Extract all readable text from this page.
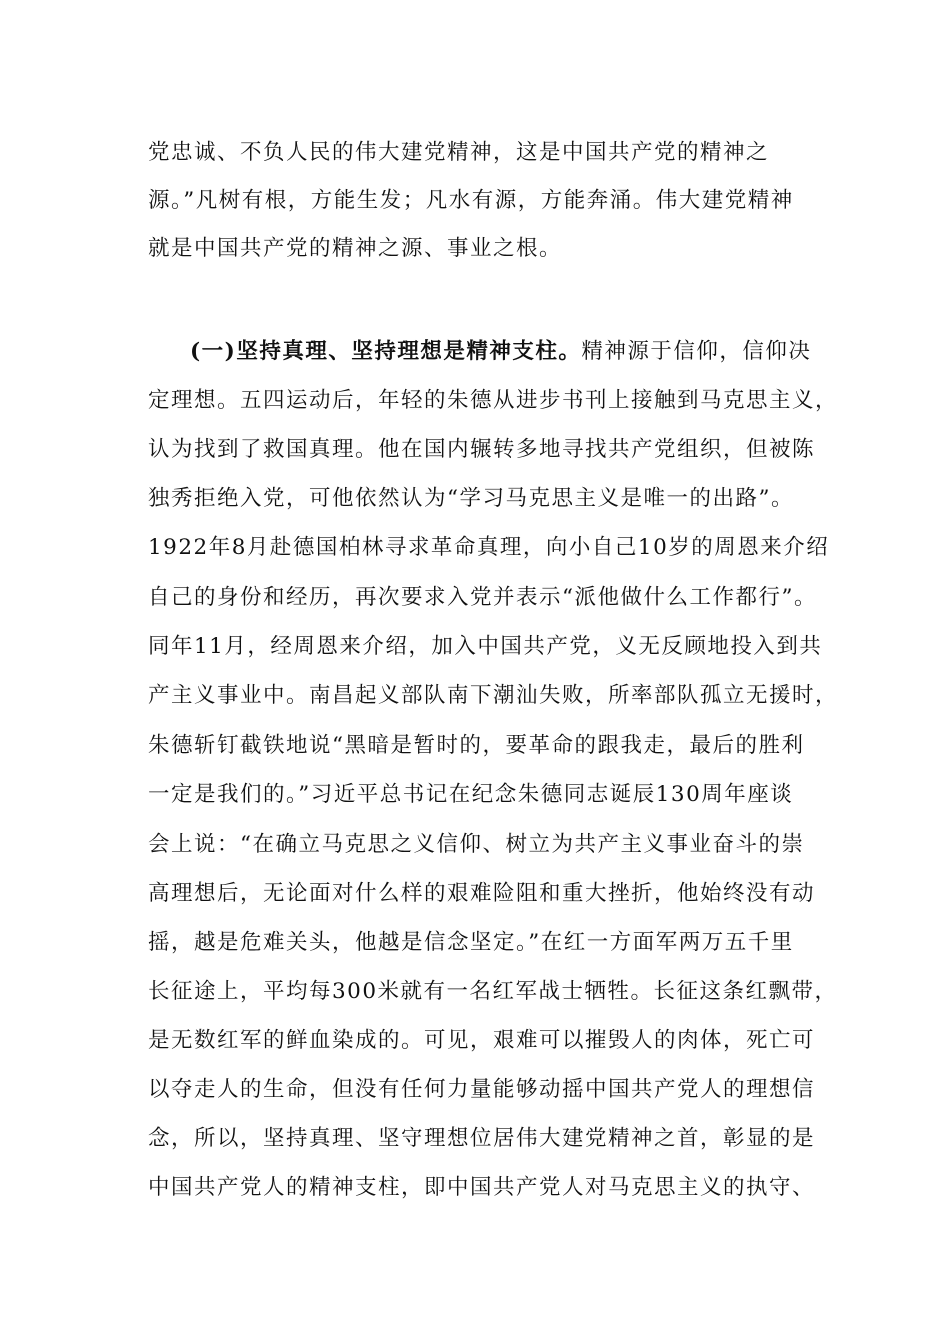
党忠诚、不负人民的伟大建党精神，这是中国共产党的精神之
源。”凡树有根，方能生发；凡水有源，方能奔涌。伟大建党精神
就是中国共产党的精神之源、事业之根。
(一)坚持真理、坚持理想是精神支柱。精神源于信仰，信仰决
定理想。五四运动后，年轻的朱德从进步书刊上接触到马克思主义，
认为找到了救国真理。他在国内辗转多地寻找共产党组织，但被陈
独秀拒绝入党，可他依然认为“学习马克思主义是唯一的出路”。
1922年8月赴德国柏林寻求革命真理，向小自己10岁的周恩来介绍
自己的身份和经历，再次要求入党并表示“派他做什么工作都行”。
同年11月，经周恩来介绍，加入中国共产党，义无反顾地投入到共
产主义事业中。南昌起义部队南下潮汕失败，所率部队孤立无援时，
朱德斩钉截铁地说“黑暗是暂时的，要革命的跟我走，最后的胜利
一定是我们的。”习近平总书记在纪念朱德同志诞辰130周年座谈
会上说：“在确立马克思之义信仰、树立为共产主义事业奋斗的崇
高理想后，无论面对什么样的艰难险阻和重大挫折，他始终没有动
摇，越是危难关头，他越是信念坚定。”在红一方面军两万五千里
长征途上，平均每300米就有一名红军战士牺牲。长征这条红飘带，
是无数红军的鲜血染成的。可见，艰难可以摧毁人的肉体，死亡可
以夺走人的生命，但没有任何力量能够动摇中国共产党人的理想信
念，所以，坚持真理、坚守理想位居伟大建党精神之首，彰显的是
中国共产党人的精神支柱，即中国共产党人对马克思主义的执守、
